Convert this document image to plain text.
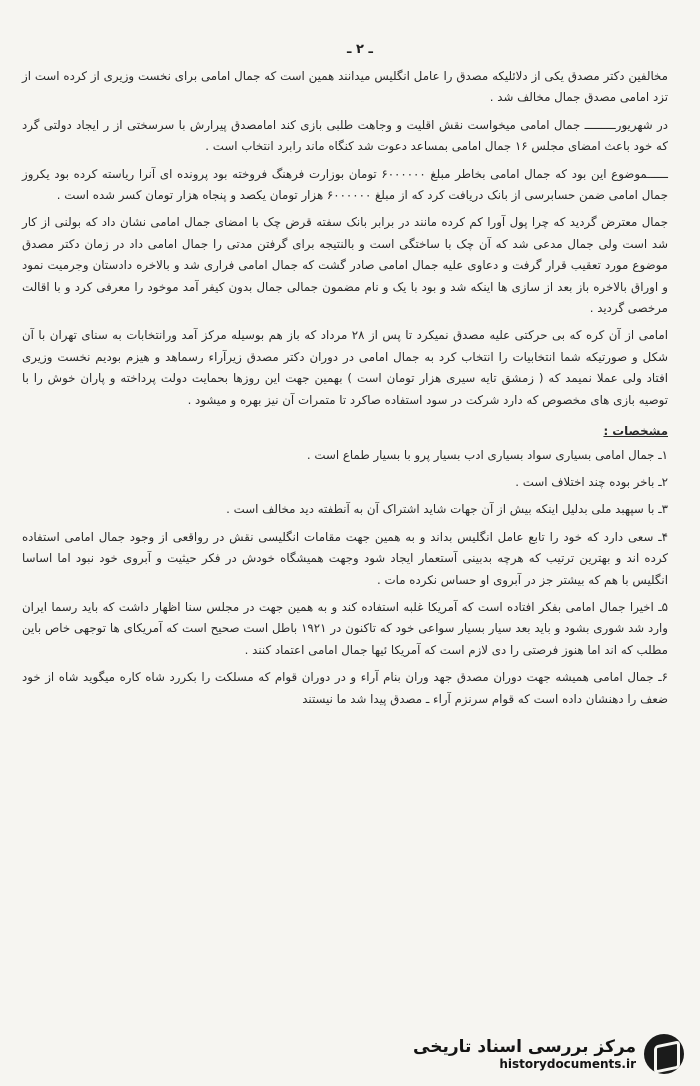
ـ ۲ ـ

مخالفین دکتر مصدق یکی از دلائلیکه مصدق را عامل انگلیس میدانند همین است که جمال امامی برای نخست وزیری از کرده است از تزد امامی مصدق جمال مخالف شد .

در شهریورـــــــــ جمال امامی میخواست نقش اقلیت و وجاهت طلبی بازی کند امامصدق پیرارش با سرسختی از ر ایجاد دولتی گرد که خود باعث امضای مجلس ۱۶ جمال امامی بمساعد دعوت شد کنگاه ماند رابرد انتخاب است .

ــــــموضوع این بود که جمال امامی بخاطر مبلغ ۶۰۰۰۰۰۰ تومان بوزارت فرهنگ فروخته بود پرونده ای آنرا ریاسته کرده بود یکروز جمال امامی ضمن حسابرسی از بانک دریافت کرد که از مبلغ ۶۰۰۰۰۰۰ هزار تومان یکصد و پنجاه هزار تومان کسر شده است .

جمال معترض گردید که چرا پول آورا کم کرده مانند در برابر بانک سفته قرض چک با امضای جمال امامی نشان داد که بولنی از کار شد است ولی جمال مدعی شد که آن چک با ساختگی است و بالنتیجه برای گرفتن مدتی را جمال امامی داد در زمان دکتر مصدق موضوع مورد تعقیب قرار گرفت و دعاوی علیه جمال امامی صادر گشت که جمال امامی فراری شد و بالاخره دادستان وجرمیت نمود و اوراق بالاخره باز بعد از سازی ها اینکه شد و بود با یک و نام مضمون جمالی جمال بدون کیفر آمد موخود را معرفی کرد و با اقالت مرخصی گردید .

امامی از آن کره که بی حرکتی علیه مصدق نمیکرد تا پس از ۲۸ مرداد که باز هم بوسیله مرکز آمد ورانتخابات به سنای تهران با آن شکل و صورتیکه شما انتخابیات را انتخاب کرد به جمال امامی در دوران دکتر مصدق زیرآراء رسماهد و هیزم بودیم نخست وزیری افتاد ولی عملا نمیمد که ( زمشق تایه سیری هزار تومان است ) بهمین جهت این روزها بحمایت دولت پرداخته و پاران خوش را با توصیه بازی های مخصوص که دارد شرکت در سود استفاده صاکرد تا متمرات آن نیز بهره و میشود .

مشخصات :

۱ـ جمال امامی بسیاری سواد بسیاری ادب بسیار پرو با بسیار طماع است .

۲ـ باخر بوده چند اختلاف است .

۳ـ با سپهبد ملی بدلیل اینکه بیش از آن جهات شاید اشتراک آن به آنطفته دید مخالف است .

۴ـ سعی دارد که خود را تابع عامل انگلیس بداند و به همین جهت مقامات انگلیسی نقش در رواقعی از وجود جمال امامی استفاده کرده اند و بهترین ترتیب که هرچه بدبینی آستعمار ایجاد شود وجهت همیشگاه خودش در فکر حیثیت و آبروی خود نبود اما اساسا انگلیس با هم که بیشتر جز در آبروی او حساس نکرده مات .

۵ـ اخیرا جمال امامی بفکر افتاده است که آمریکا غلبه استفاده کند و به همین جهت در مجلس سنا اظهار داشت که باید رسما ایران وارد شد شوری بشود و باید بعد سیار بسیار سواعی خود که تاکنون در ۱۹۲۱ باطل است صحیح است که آمریکای ها توجهی خاص باین مطلب که اند اما هنوز فرصتی را دی لازم است که آمریکا ئیها جمال امامی اعتماد کنند .

۶ـ جمال امامی همیشه جهت دوران مصدق جهد وران بنام آراء و در دوران قوام که مسلکت را بکررد شاه کاره میگوید شاه از خود ضعف را دهنشان داده است که قوام سرنزم آراء ـ مصدق پیدا شد ما نیستند

مرکز بررسی اسناد تاریخی
historydocuments.ir
